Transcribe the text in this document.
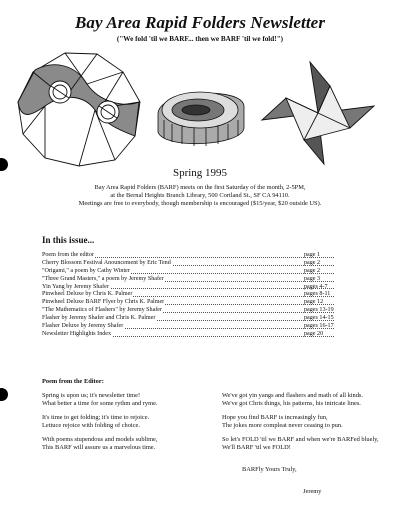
Bay Area Rapid Folders Newsletter
("We fold 'til we BARF... then we BARF 'til we fold!")
Spring 1995
Bay Area Rapid Folders (BARF) meets on the first Saturday of the month, 2-5PM,
at the Bernal Heights Branch Library, 500 Cortland St., SF CA 94110.
Meetings are free to everybody, though membership is encouraged ($15/year, $20 outside US).
In this issue...
Poem from the editor	page 1
Cherry Blossom Festival Anouncement by Eric Tend	page 2
"Origami," a poem by Cathy Winter	page 2
"Three Grand Masters," a poem by Jeremy Shafer	page 3
Yin Yang by Jeremy Shafer	pages 4-7
Pinwheel Deluxe by Chris K. Palmer	pages 8-11
Pinwheel Deluxe BARF Flyer by Chris K. Palmer	page 12
"The Mathematics of Flashers" by Jeremy Shafer	pages 13-19
Flasher by Jeremy Shafer and Chris K. Palmer	pages 14-15
Flasher Deluxe by Jeremy Shafer	pages 16-17
Newsletter Highlights Index	page 20
Poem from the Editor:

Spring is upon us; it's newsletter time!
What better a time for some rythm and ryme.

It's time to get folding; it's time to rejoice.
Lettuce rejoice with folding of choice.

With poems stupendous and models sublime,
This BARF will assure us a marvelous time.

We've got yin yangs and flashers and math of all kinds.
We've got Chris things, his patterns, his intricate lines.

Hope you find BARF is increasingly fun,
The jokes more compleat never ceasing to pun.

So let's FOLD 'til we BARF and when we're BARFed bluely,
We'll BARF 'til we FOLD!

BARFly Yours Truly,
Jeremy
